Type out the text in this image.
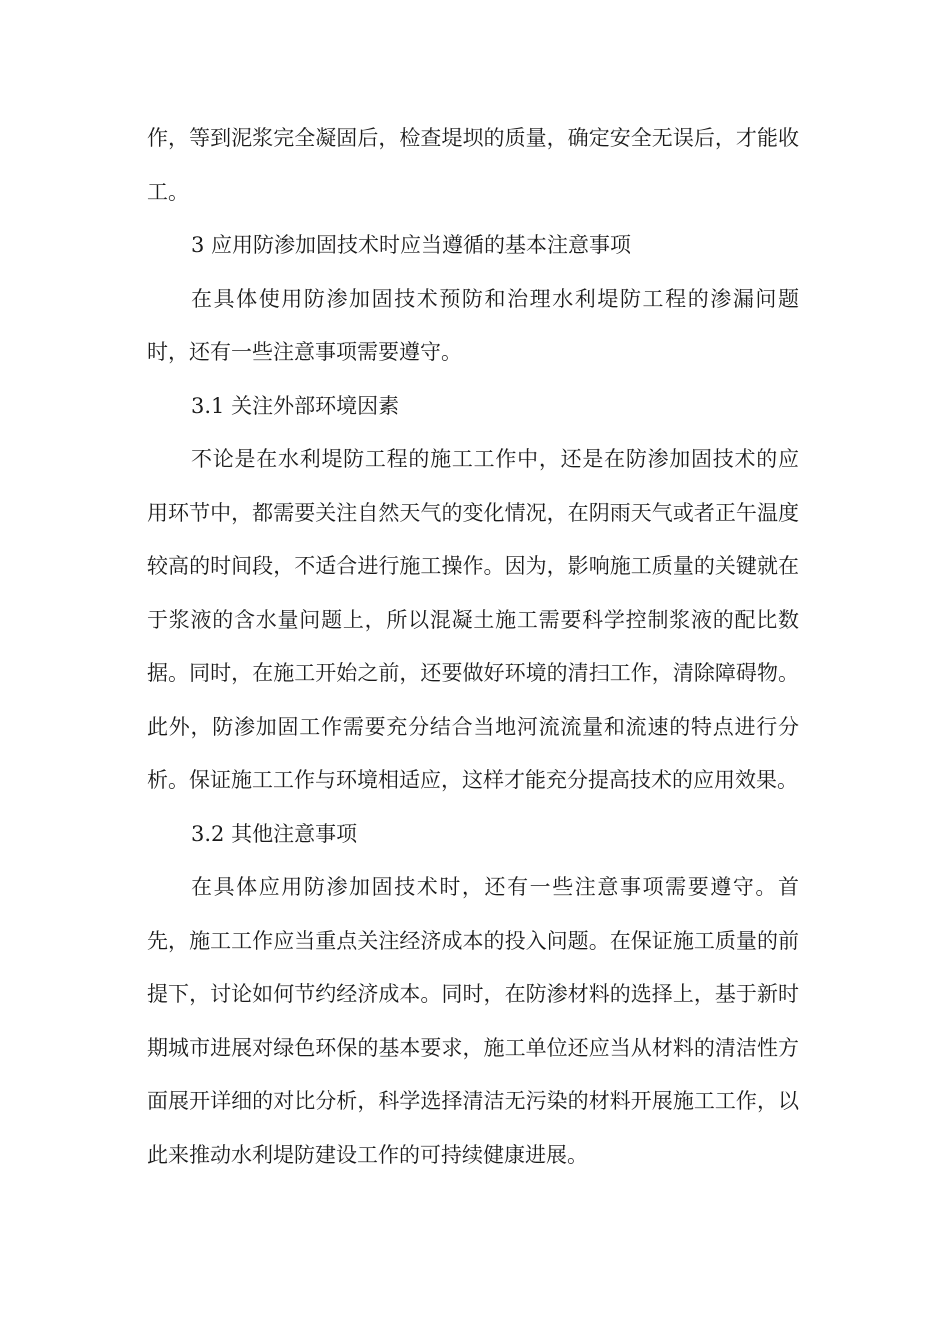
作，等到泥浆完全凝固后，检查堤坝的质量，确定安全无误后，才能收工。

3 应用防渗加固技术时应当遵循的基本注意事项

在具体使用防渗加固技术预防和治理水利堤防工程的渗漏问题时，还有一些注意事项需要遵守。

3.1 关注外部环境因素

不论是在水利堤防工程的施工工作中，还是在防渗加固技术的应用环节中，都需要关注自然天气的变化情况，在阴雨天气或者正午温度较高的时间段，不适合进行施工操作。因为，影响施工质量的关键就在于浆液的含水量问题上，所以混凝土施工需要科学控制浆液的配比数据。同时，在施工开始之前，还要做好环境的清扫工作，清除障碍物。此外，防渗加固工作需要充分结合当地河流流量和流速的特点进行分析。保证施工工作与环境相适应，这样才能充分提高技术的应用效果。

3.2 其他注意事项

在具体应用防渗加固技术时，还有一些注意事项需要遵守。首先，施工工作应当重点关注经济成本的投入问题。在保证施工质量的前提下，讨论如何节约经济成本。同时，在防渗材料的选择上，基于新时期城市进展对绿色环保的基本要求，施工单位还应当从材料的清洁性方面展开详细的对比分析，科学选择清洁无污染的材料开展施工工作，以此来推动水利堤防建设工作的可持续健康进展。
